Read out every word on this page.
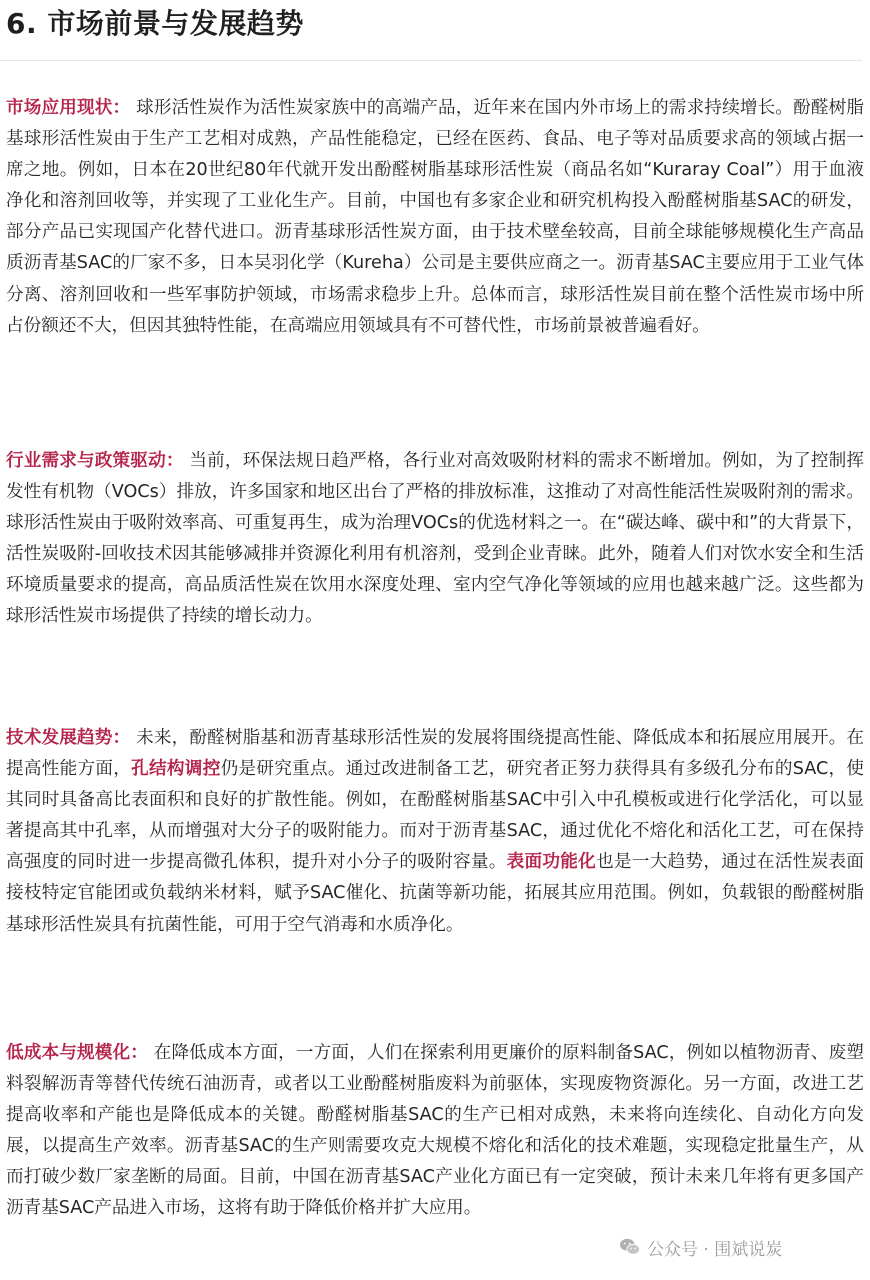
6. 市场前景与发展趋势

市场应用现状： 球形活性炭作为活性炭家族中的高端产品，近年来在国内外市场上的需求持续增长。酚醛树脂基球形活性炭由于生产工艺相对成熟，产品性能稳定，已经在医药、食品、电子等对品质要求高的领域占据一席之地。例如，日本在20世纪80年代就开发出酚醛树脂基球形活性炭（商品名如“Kuraray Coal”）用于血液净化和溶剂回收等，并实现了工业化生产。目前，中国也有多家企业和研究机构投入酚醛树脂基SAC的研发，部分产品已实现国产化替代进口。沥青基球形活性炭方面，由于技术壁垒较高，目前全球能够规模化生产高品质沥青基SAC的厂家不多，日本吴羽化学（Kureha）公司是主要供应商之一。沥青基SAC主要应用于工业气体分离、溶剂回收和一些军事防护领域，市场需求稳步上升。总体而言，球形活性炭目前在整个活性炭市场中所占份额还不大，但因其独特性能，在高端应用领域具有不可替代性，市场前景被普遍看好。

行业需求与政策驱动： 当前，环保法规日趋严格，各行业对高效吸附材料的需求不断增加。例如，为了控制挥发性有机物（VOCs）排放，许多国家和地区出台了严格的排放标准，这推动了对高性能活性炭吸附剂的需求。球形活性炭由于吸附效率高、可重复再生，成为治理VOCs的优选材料之一。在“碳达峰、碳中和”的大背景下，活性炭吸附-回收技术因其能够减排并资源化利用有机溶剂，受到企业青睐。此外，随着人们对饮水安全和生活环境质量要求的提高，高品质活性炭在饮用水深度处理、室内空气净化等领域的应用也越来越广泛。这些都为球形活性炭市场提供了持续的增长动力。

技术发展趋势： 未来，酚醛树脂基和沥青基球形活性炭的发展将围绕提高性能、降低成本和拓展应用展开。在提高性能方面，孔结构调控仍是研究重点。通过改进制备工艺，研究者正努力获得具有多级孔分布的SAC，使其同时具备高比表面积和良好的扩散性能。例如，在酚醛树脂基SAC中引入中孔模板或进行化学活化，可以显著提高其中孔率，从而增强对大分子的吸附能力。而对于沥青基SAC，通过优化不熔化和活化工艺，可在保持高强度的同时进一步提高微孔体积，提升对小分子的吸附容量。表面功能化也是一大趋势，通过在活性炭表面接枝特定官能团或负载纳米材料，赋予SAC催化、抗菌等新功能，拓展其应用范围。例如，负载银的酚醛树脂基球形活性炭具有抗菌性能，可用于空气消毒和水质净化。

低成本与规模化： 在降低成本方面，一方面，人们在探索利用更廉价的原料制备SAC，例如以植物沥青、废塑料裂解沥青等替代传统石油沥青，或者以工业酚醛树脂废料为前驱体，实现废物资源化。另一方面，改进工艺提高收率和产能也是降低成本的关键。酚醛树脂基SAC的生产已相对成熟，未来将向连续化、自动化方向发展，以提高生产效率。沥青基SAC的生产则需要攻克大规模不熔化和活化的技术难题，实现稳定批量生产，从而打破少数厂家垄断的局面。目前，中国在沥青基SAC产业化方面已有一定突破，预计未来几年将有更多国产沥青基SAC产品进入市场，这将有助于降低价格并扩大应用。

公众号 · 围斌说炭
